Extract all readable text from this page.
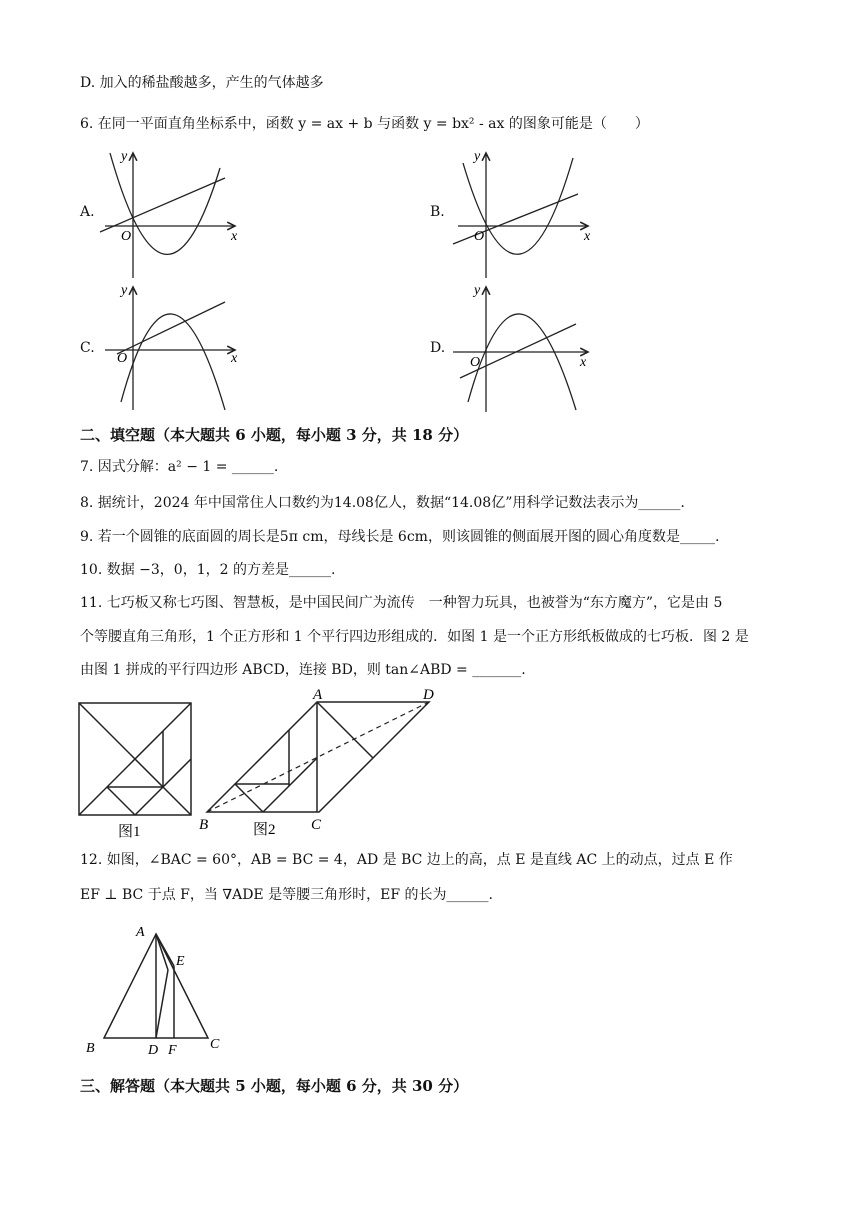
D. 加入的稀盐酸越多，产生的气体越多
6. 在同一平面直角坐标系中，函数 y = ax + b 与函数 y = bx² - ax 的图象可能是（　　）
A.
O	x
y
B.
O	x
y
C.
O	x
y
D.
O	x
y
二、填空题（本大题共 6 小题，每小题 3 分，共 18 分）
7. 因式分解：a² − 1 = ______.
8. 据统计，2024 年中国常住人口数约为14.08亿人，数据“14.08亿”用科学记数法表示为______.
9. 若一个圆锥的底面圆的周长是5π cm，母线长是 6cm，则该圆锥的侧面展开图的圆心角度数是_____.
10. 数据 −3，0，1，2 的方差是______.
11. 七巧板又称七巧图、智慧板，是中国民间广为流传　一种智力玩具，也被誉为“东方魔方”，它是由 5
个等腰直角三角形，1 个正方形和 1 个平行四边形组成的．如图 1 是一个正方形纸板做成的七巧板．图 2 是
由图 1 拼成的平行四边形 ABCD，连接 BD，则 tan∠ABD = _______.
图1
A	D
B	C
图2
12. 如图，∠BAC = 60°，AB = BC = 4，AD 是 BC 边上的高，点 E 是直线 AC 上的动点，过点 E 作
EF ⊥ BC 于点 F，当 ∇ADE 是等腰三角形时，EF 的长为______.
A
E
B	D F C
三、解答题（本大题共 5 小题，每小题 6 分，共 30 分）
